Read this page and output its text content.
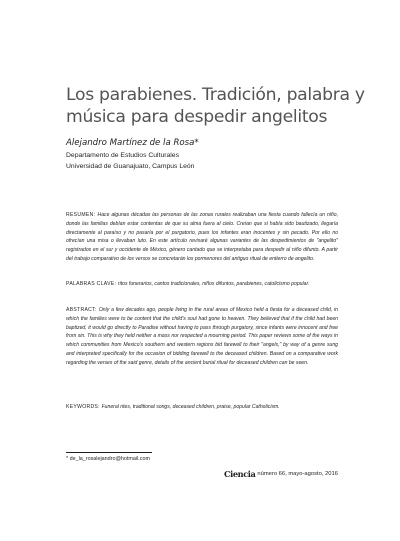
Los parabienes. Tradición, palabra y
música para despedir angelitos
Alejandro Martínez de la Rosa*
Departamento de Estudios Culturales
Universidad de Guanajuato, Campus León

RESUMEN: Hace algunas décadas las personas de las zonas rurales realizaban una fiesta cuando fallecía un niño, donde las familias debían estar contentas de que su alma fuera al cielo. Creían que si había sido bautizado, llegaría directamente al paraíso y no pasaría por el purgatorio, pues los infantes eran inocentes y sin pecado. Por ello no ofrecían una misa o llevaban luto. En este artículo revisaré algunas variantes de las despedimientos de "angelito" registrados en el sur y occidente de México, género cantado que se interpretaba para despedir al niño difunto. A partir del trabajo comparativo de los versos se concretarán los pormenores del antiguo ritual de entierro de angelito.

PALABRAS CLAVE: ritos funerarios, cantos tradicionales, niños difuntos, parabienes, catolicismo popular.

ABSTRACT: Only a few decades ago, people living in the rural areas of Mexico held a fiesta for a deceased child, in which the families were to be content that the child's soul had gone to heaven. They believed that if the child had been baptized, it would go directly to Paradise without having to pass through purgatory, since infants were innocent and free from sin. This is why they held neither a mass nor respected a mourning period. This paper reviews some of the ways in which communities from Mexico's southern and western regions bid farewell to their "angels," by way of a genre sung and interpreted specifically for the occasion of bidding farewell to the deceased children. Based on a comparative work regarding the verses of the said genre, details of the ancient burial ritual for deceased children can be seen.

KEYWORDS: Funeral rites, traditional songs, deceased children, praise, popular Catholicism.

* de_la_rosalejandro@hotmail.com
Ciencia número 66, mayo-agosto, 2016
